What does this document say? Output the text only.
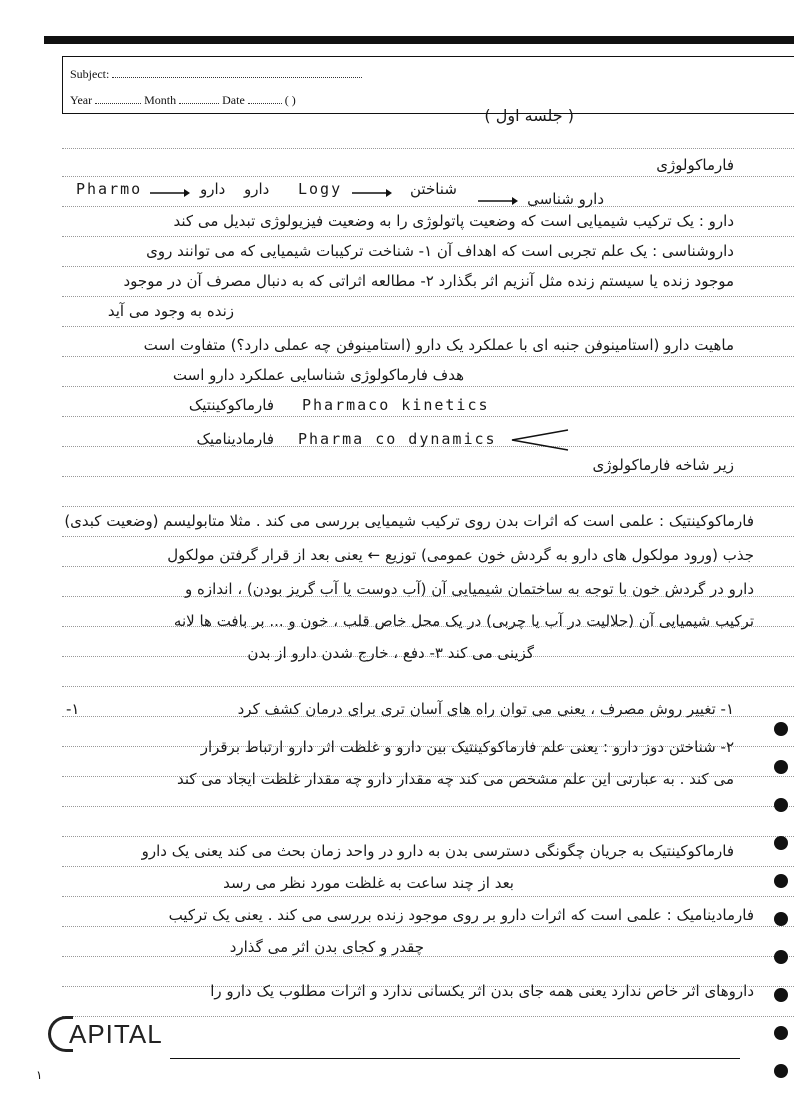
Subject:
Year	Month	Date	( )
( جلسه اول )
فارماکولوژی
Pharmo	دارو دارو Logy	شناختن
دارو شناسی
دارو : یک ترکیب شیمیایی است که وضعیت پاتولوژی را به وضعیت فیزیولوژی تبدیل می کند
داروشناسی : یک علم تجربی است که اهداف آن ۱- شناخت ترکیبات شیمیایی که می توانند روی
موجود زنده یا سیستم زنده مثل آنزیم اثر بگذارد ۲- مطالعه اثراتی که به دنبال مصرف آن در موجود
زنده به وجود می آید
ماهیت دارو (استامینوفن جنبه ای با عملکرد یک دارو (استامینوفن چه عملی دارد؟) متفاوت است
هدف فارماکولوژی شناسایی عملکرد دارو است
Pharmaco kinetics
فارماکوکینتیک
Pharma co dynamics
فارمادینامیک
زیر شاخه فارماکولوژی
فارماکوکینتیک : علمی است که اثرات بدن روی ترکیب شیمیایی بررسی می کند . مثلا متابولیسم (وضعیت کبدی)
جذب (ورود مولکول های دارو به گردش خون عمومی) توزیع ← یعنی بعد از قرار گرفتن مولکول
دارو در گردش خون با توجه به ساختمان شیمیایی آن (آب دوست یا آب گریز بودن) ، اندازه و
ترکیب شیمیایی آن (حلالیت در آب یا چربی) در یک محل خاص قلب ، خون و ... بر بافت ها لانه
گزینی می کند ۳- دفع ، خارج شدن دارو از بدن
۱-	۱- تغییر روش مصرف ، یعنی می توان راه های آسان تری برای درمان کشف کرد
۲- شناختن دوز دارو : یعنی علم فارماکوکینتیک بین دارو و غلظت اثر دارو ارتباط برقرار
می کند . به عبارتی این علم مشخص می کند چه مقدار دارو چه مقدار غلظت ایجاد می کند
فارماکوکینتیک به جریان چگونگی دسترسی بدن به دارو در واحد زمان بحث می کند یعنی یک دارو
بعد از چند ساعت به غلظت مورد نظر می رسد
فارمادینامیک : علمی است که اثرات دارو بر روی موجود زنده بررسی می کند . یعنی یک ترکیب
چقدر و کجای بدن اثر می گذارد
داروهای اثر خاص ندارد یعنی همه جای بدن اثر یکسانی ندارد و اثرات مطلوب یک دارو را
APITAL
۱
